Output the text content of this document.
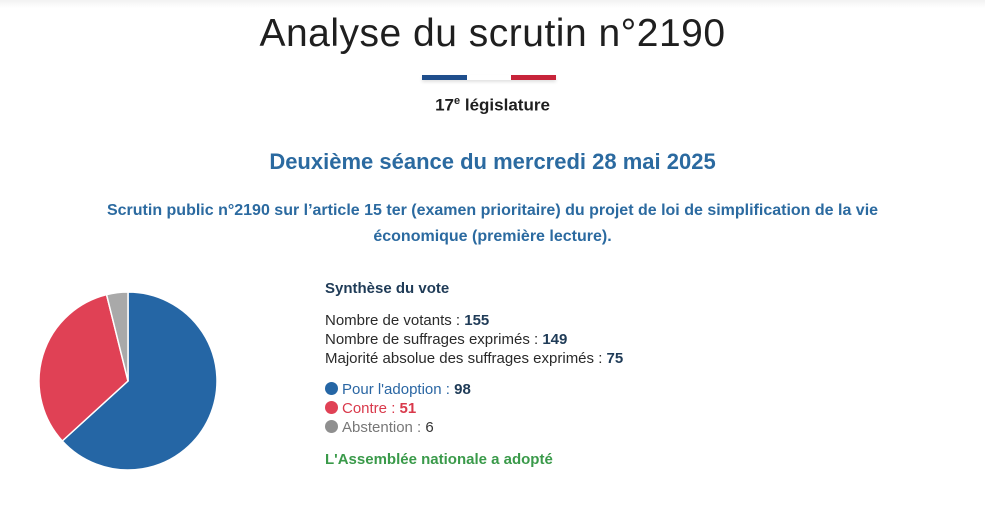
Analyse du scrutin n°2190
17e législature
Deuxième séance du mercredi 28 mai 2025

Scrutin public n°2190 sur l’article 15 ter (examen prioritaire) du projet de loi de simplification de la vie économique (première lecture).

Synthèse du vote
Nombre de votants : 155
Nombre de suffrages exprimés : 149
Majorité absolue des suffrages exprimés : 75
Pour l'adoption : 98
Contre : 51
Abstention : 6
L'Assemblée nationale a adopté
